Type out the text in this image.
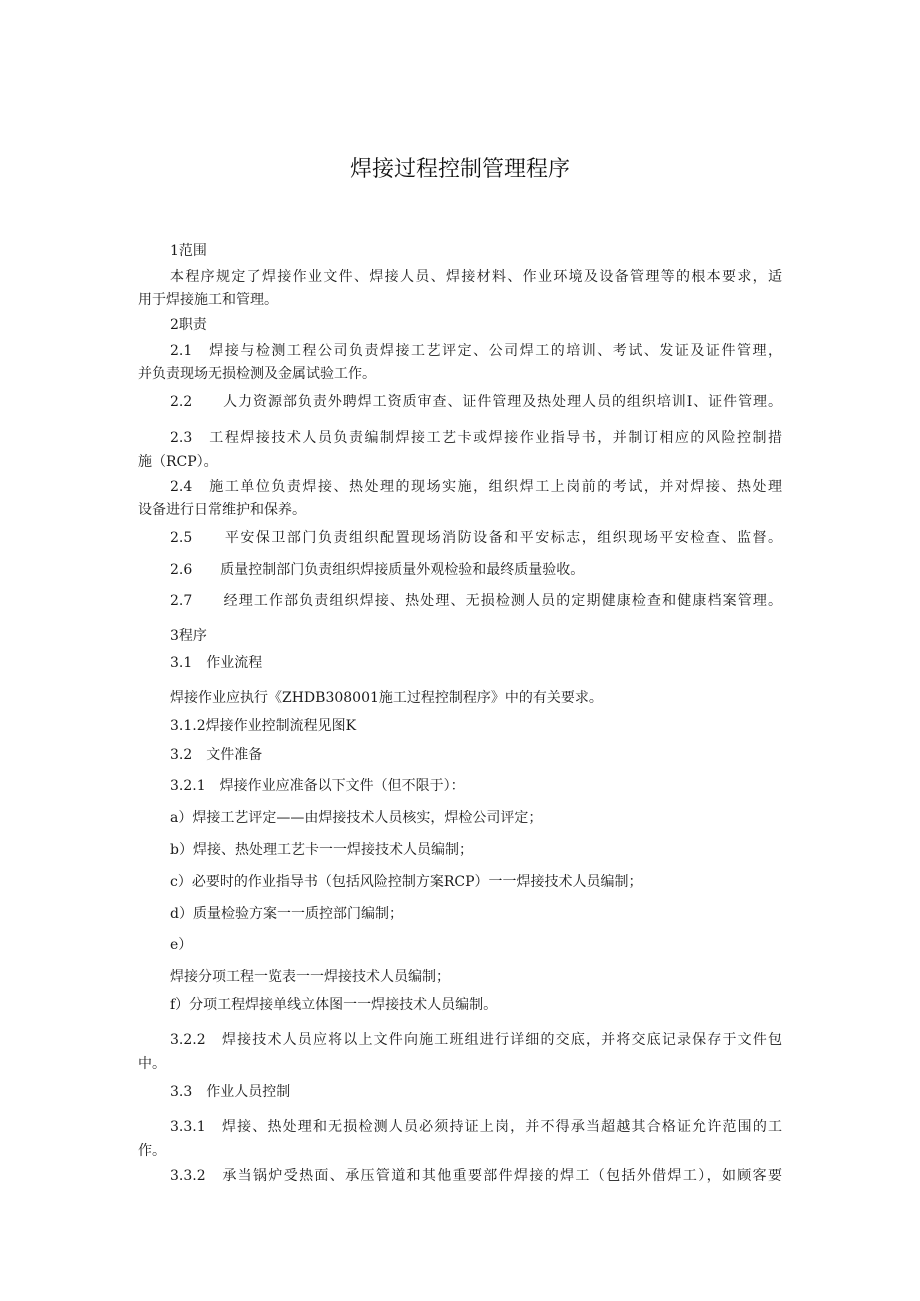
焊接过程控制管理程序
1范围
本程序规定了焊接作业文件、焊接人员、焊接材料、作业环境及设备管理等的根本要求，适
用于焊接施工和管理。
2职责
2.1　焊接与检测工程公司负责焊接工艺评定、公司焊工的培训、考试、发证及证件管理，
并负责现场无损检测及金属试验工作。
2.2　　人力资源部负责外聘焊工资质审查、证件管理及热处理人员的组织培训Ⅰ、证件管理。
2.3　工程焊接技术人员负责编制焊接工艺卡或焊接作业指导书，并制订相应的风险控制措
施（RCP）。
2.4　施工单位负责焊接、热处理的现场实施，组织焊工上岗前的考试，并对焊接、热处理
设备进行日常维护和保养。
2.5　　平安保卫部门负责组织配置现场消防设备和平安标志，组织现场平安检查、监督。
2.6　　质量控制部门负责组织焊接质量外观检验和最终质量验收。
2.7　　经理工作部负责组织焊接、热处理、无损检测人员的定期健康检查和健康档案管理。
3程序
3.1　作业流程
焊接作业应执行《ZHDB308001施工过程控制程序》中的有关要求。
3.1.2焊接作业控制流程见图K
3.2　文件准备
3.2.1　焊接作业应准备以下文件（但不限于）：
a）焊接工艺评定——由焊接技术人员核实，焊检公司评定；
b）焊接、热处理工艺卡一一焊接技术人员编制；
c）必要时的作业指导书（包括风险控制方案RCP）一一焊接技术人员编制；
d）质量检验方案一一质控部门编制；
e）
焊接分项工程一览表一一焊接技术人员编制；
f）分项工程焊接单线立体图一一焊接技术人员编制。
3.2.2　焊接技术人员应将以上文件向施工班组进行详细的交底，并将交底记录保存于文件包
中。
3.3　作业人员控制
3.3.1　焊接、热处理和无损检测人员必须持证上岗，并不得承当超越其合格证允许范围的工
作。
3.3.2　承当锅炉受热面、承压管道和其他重要部件焊接的焊工（包括外借焊工），如顾客要
